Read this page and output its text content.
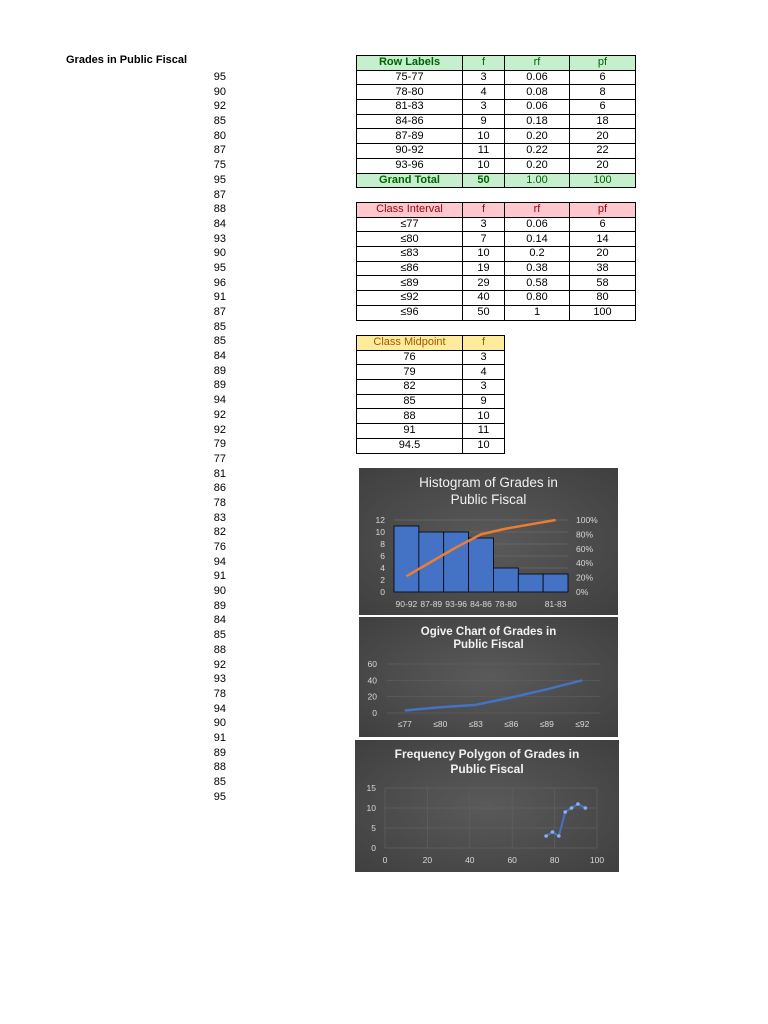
Grades in Public Fiscal
95
90
92
85
80
87
75
95
87
88
84
93
90
95
96
91
87
85
85
84
89
89
94
92
92
79
77
81
86
78
83
82
76
94
91
90
89
84
85
88
92
93
78
94
90
91
89
88
85
95
Row Labels	f	rf	pf
75-77	3	0.06	6
78-80	4	0.08	8
81-83	3	0.06	6
84-86	9	0.18	18
87-89	10	0.20	20
90-92	11	0.22	22
93-96	10	0.20	20
Grand Total	50	1.00	100
Class Interval	f	rf	pf
≤77	3	0.06	6
≤80	7	0.14	14
≤83	10	0.2	20
≤86	19	0.38	38
≤89	29	0.58	58
≤92	40	0.80	80
≤96	50	1	100
Class Midpoint	f
76	3
79	4
82	3
85	9
88	10
91	11
94.5	10
Histogram of Grades in
Public Fiscal
12
10
8
6
4
2
0
100%
80%
60%
40%
20%
0%
90-92 87-89 93-96 84-86 78-80	81-83
Ogive Chart of Grades in
Public Fiscal
60
40
20
0
≤77	≤80	≤83	≤86	≤89	≤92
Frequency Polygon of Grades in
Public Fiscal
15
10
5
0
0	20	40	60	80	100
